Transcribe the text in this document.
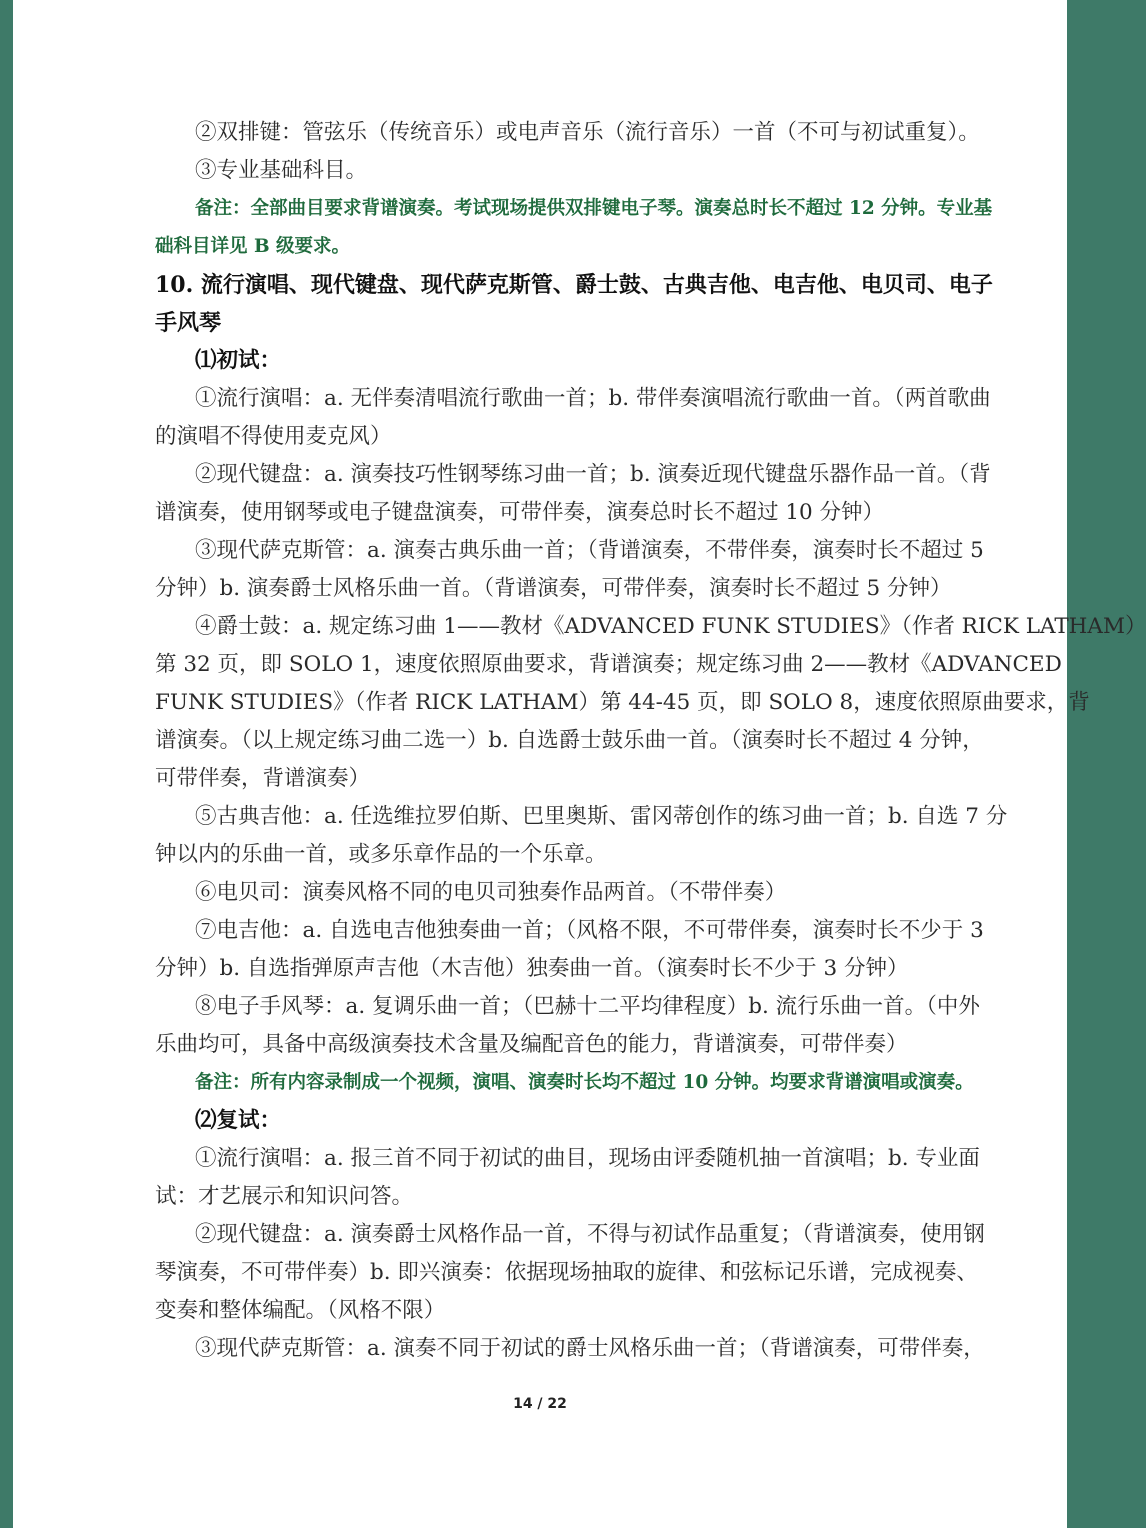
②双排键：管弦乐（传统音乐）或电声音乐（流行音乐）一首（不可与初试重复）。
③专业基础科目。
备注：全部曲目要求背谱演奏。考试现场提供双排键电子琴。演奏总时长不超过 12 分钟。专业基
础科目详见 B 级要求。
10. 流行演唱、现代键盘、现代萨克斯管、爵士鼓、古典吉他、电吉他、电贝司、电子
手风琴
⑴初试：
①流行演唱：a. 无伴奏清唱流行歌曲一首；b. 带伴奏演唱流行歌曲一首。（两首歌曲
的演唱不得使用麦克风）
②现代键盘：a. 演奏技巧性钢琴练习曲一首；b. 演奏近现代键盘乐器作品一首。（背
谱演奏，使用钢琴或电子键盘演奏，可带伴奏，演奏总时长不超过 10 分钟）
③现代萨克斯管：a. 演奏古典乐曲一首；（背谱演奏，不带伴奏，演奏时长不超过 5
分钟）b. 演奏爵士风格乐曲一首。（背谱演奏，可带伴奏，演奏时长不超过 5 分钟）
④爵士鼓：a. 规定练习曲 1——教材《ADVANCED FUNK STUDIES》（作者 RICK LATHAM）
第 32 页，即 SOLO 1，速度依照原曲要求，背谱演奏；规定练习曲 2——教材《ADVANCED
FUNK STUDIES》（作者 RICK LATHAM）第 44-45 页，即 SOLO 8，速度依照原曲要求，背
谱演奏。（以上规定练习曲二选一）b. 自选爵士鼓乐曲一首。（演奏时长不超过 4 分钟，
可带伴奏，背谱演奏）
⑤古典吉他：a. 任选维拉罗伯斯、巴里奥斯、雷冈蒂创作的练习曲一首；b. 自选 7 分
钟以内的乐曲一首，或多乐章作品的一个乐章。
⑥电贝司：演奏风格不同的电贝司独奏作品两首。（不带伴奏）
⑦电吉他：a. 自选电吉他独奏曲一首；（风格不限，不可带伴奏，演奏时长不少于 3
分钟）b. 自选指弹原声吉他（木吉他）独奏曲一首。（演奏时长不少于 3 分钟）
⑧电子手风琴：a. 复调乐曲一首；（巴赫十二平均律程度）b. 流行乐曲一首。（中外
乐曲均可，具备中高级演奏技术含量及编配音色的能力，背谱演奏，可带伴奏）
备注：所有内容录制成一个视频，演唱、演奏时长均不超过 10 分钟。均要求背谱演唱或演奏。
⑵复试：
①流行演唱：a. 报三首不同于初试的曲目，现场由评委随机抽一首演唱；b. 专业面
试：才艺展示和知识问答。
②现代键盘：a. 演奏爵士风格作品一首，不得与初试作品重复；（背谱演奏，使用钢
琴演奏，不可带伴奏）b. 即兴演奏：依据现场抽取的旋律、和弦标记乐谱，完成视奏、
变奏和整体编配。（风格不限）
③现代萨克斯管：a. 演奏不同于初试的爵士风格乐曲一首；（背谱演奏，可带伴奏，
14 / 22
